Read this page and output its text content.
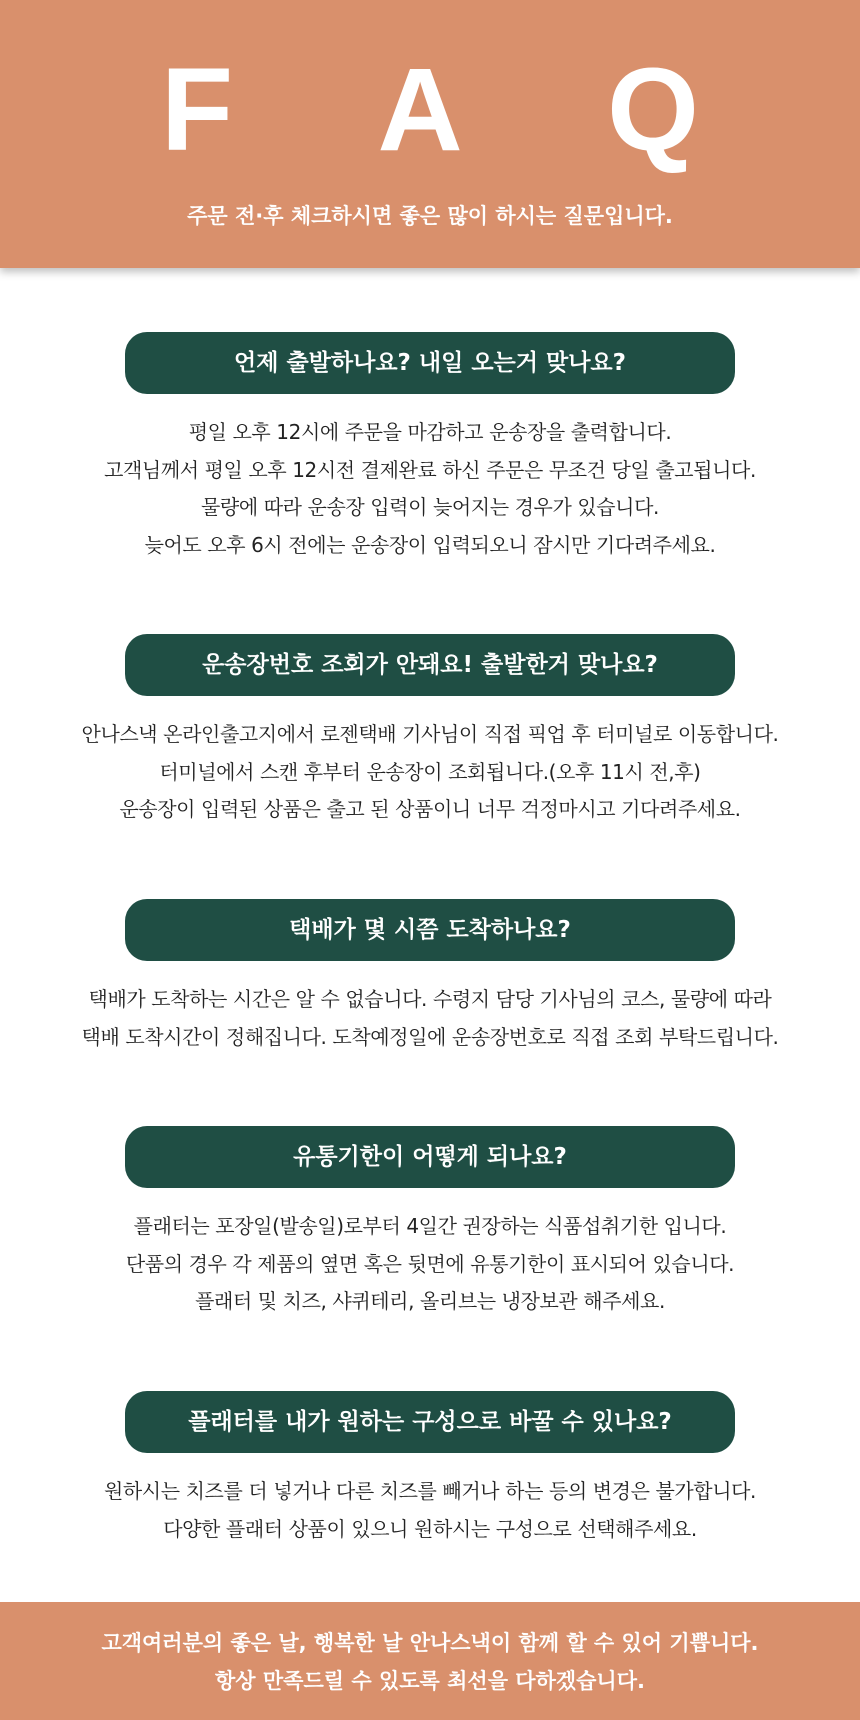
F A Q
주문 전·후 체크하시면 좋은 많이 하시는 질문입니다.
언제 출발하나요? 내일 오는거 맞나요?
평일 오후 12시에 주문을 마감하고 운송장을 출력합니다.
고객님께서 평일 오후 12시전 결제완료 하신 주문은 무조건 당일 출고됩니다.
물량에 따라 운송장 입력이 늦어지는 경우가 있습니다.
늦어도 오후 6시 전에는 운송장이 입력되오니 잠시만 기다려주세요.
운송장번호 조회가 안돼요! 출발한거 맞나요?
안나스낵 온라인출고지에서 로젠택배 기사님이 직접 픽업 후 터미널로 이동합니다.
터미널에서 스캔 후부터 운송장이 조회됩니다.(오후 11시 전,후)
운송장이 입력된 상품은 출고 된 상품이니 너무 걱정마시고 기다려주세요.
택배가 몇 시쯤 도착하나요?
택배가 도착하는 시간은 알 수 없습니다. 수령지 담당 기사님의 코스, 물량에 따라
택배 도착시간이 정해집니다. 도착예정일에 운송장번호로 직접 조회 부탁드립니다.
유통기한이 어떻게 되나요?
플래터는 포장일(발송일)로부터 4일간 권장하는 식품섭취기한 입니다.
단품의 경우 각 제품의 옆면 혹은 뒷면에 유통기한이 표시되어 있습니다.
플래터 및 치즈, 샤퀴테리, 올리브는 냉장보관 해주세요.
플래터를 내가 원하는 구성으로 바꿀 수 있나요?
원하시는 치즈를 더 넣거나 다른 치즈를 빼거나 하는 등의 변경은 불가합니다.
다양한 플래터 상품이 있으니 원하시는 구성으로 선택해주세요.
고객여러분의 좋은 날, 행복한 날 안나스낵이 함께 할 수 있어 기쁩니다.
항상 만족드릴 수 있도록 최선을 다하겠습니다.
